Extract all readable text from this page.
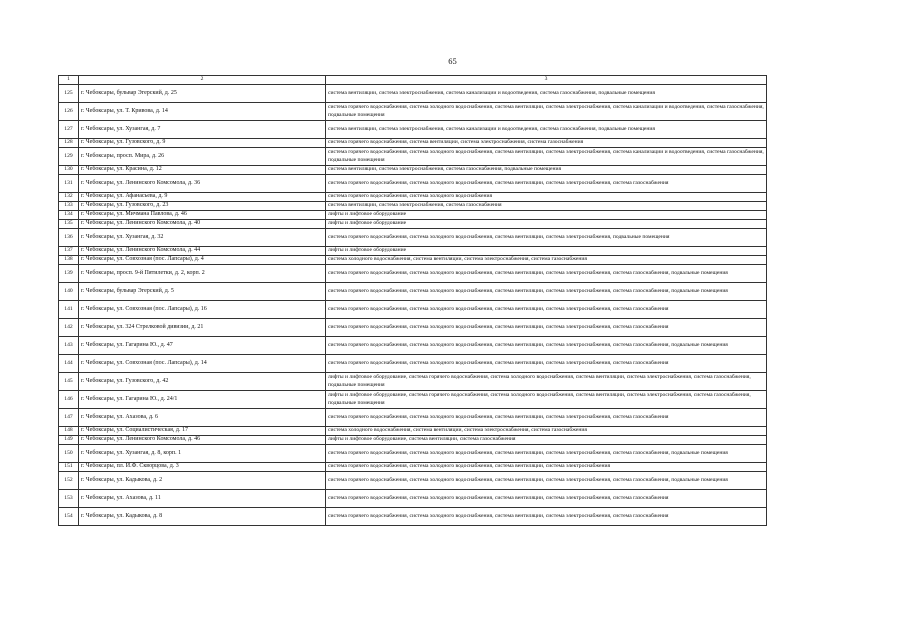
65
1	2	3
125	г. Чебоксары, бульвар Эгерский, д. 25	система вентиляции, система электроснабжения, система канализации и водоотведения, система газоснабжения, подвальные помещения
126	г. Чебоксары, ул. Т. Кривова, д. 14	система горячего водоснабжения, система холодного водоснабжения, система вентиляции, система электроснабжения, система канализации и водоотведения, система газоснабжения, подвальные помещения
127	г. Чебоксары, ул. Хузангая, д. 7	система вентиляции, система электроснабжения, система канализации и водоотведения, система газоснабжения, подвальные помещения
128	г. Чебоксары, ул. Гузовского, д. 9	система горячего водоснабжения, система вентиляции, система электроснабжения, система газоснабжения
129	г. Чебоксары, просп. Мира, д. 26	система горячего водоснабжения, система холодного водоснабжения, система вентиляции, система электроснабжения, система канализации и водоотведения, система газоснабжения, подвальные помещения
130	г. Чебоксары, ул. Красина, д. 12	система вентиляции, система электроснабжения, система газоснабжения, подвальные помещения
131	г. Чебоксары, ул. Ленинского Комсомола, д. 36	система горячего водоснабжения, система холодного водоснабжения, система вентиляции, система электроснабжения, система газоснабжения
132	г. Чебоксары, ул. Афанасьева, д. 9	система горячего водоснабжения, система холодного водоснабжения
133	г. Чебоксары, ул. Гузовского, д. 23	система вентиляции, система электроснабжения, система газоснабжения
134	г. Чебоксары, ул. Мичмана Павлова, д. 46	лифты и лифтовое оборудование
135	г. Чебоксары, ул. Ленинского Комсомола, д. 40	лифты и лифтовое оборудование
136	г. Чебоксары, ул. Хузангая, д. 32	система горячего водоснабжения, система холодного водоснабжения, система вентиляции, система электроснабжения, подвальные помещения
137	г. Чебоксары, ул. Ленинского Комсомола, д. 44	лифты и лифтовое оборудование
138	г. Чебоксары, ул. Совхозная (пос. Лапсары), д. 4	система холодного водоснабжения, система вентиляции, система электроснабжения, система газоснабжения
139	г. Чебоксары, просп. 9-й Пятилетки, д. 2, корп. 2	система горячего водоснабжения, система холодного водоснабжения, система вентиляции, система электроснабжения, система газоснабжения, подвальные помещения
140	г. Чебоксары, бульвар Эгерский, д. 5	система горячего водоснабжения, система холодного водоснабжения, система вентиляции, система электроснабжения, система газоснабжения, подвальные помещения
141	г. Чебоксары, ул. Совхозная (пос. Лапсары), д. 16	система горячего водоснабжения, система холодного водоснабжения, система вентиляции, система электроснабжения, система газоснабжения
142	г. Чебоксары, ул. 324 Стрелковой дивизии, д. 21	система горячего водоснабжения, система холодного водоснабжения, система вентиляции, система электроснабжения, система газоснабжения
143	г. Чебоксары, ул. Гагарина Ю., д. 47	система горячего водоснабжения, система холодного водоснабжения, система вентиляции, система электроснабжения, система газоснабжения, подвальные помещения
144	г. Чебоксары, ул. Совхозная (пос. Лапсары), д. 14	система горячего водоснабжения, система холодного водоснабжения, система вентиляции, система электроснабжения, система газоснабжения
145	г. Чебоксары, ул. Гузовского, д. 42	лифты и лифтовое оборудование, система горячего водоснабжения, система холодного водоснабжения, система вентиляции, система электроснабжения, система газоснабжения, подвальные помещения
146	г. Чебоксары, ул. Гагарина Ю., д. 24/1	лифты и лифтовое оборудование, система горячего водоснабжения, система холодного водоснабжения, система вентиляции, система электроснабжения, система газоснабжения, подвальные помещения
147	г. Чебоксары, ул. Ахазова, д. 6	система горячего водоснабжения, система холодного водоснабжения, система вентиляции, система электроснабжения, система газоснабжения
148	г. Чебоксары, ул. Социалистическая, д. 17	система холодного водоснабжения, система вентиляции, система электроснабжения, система газоснабжения
149	г. Чебоксары, ул. Ленинского Комсомола, д. 46	лифты и лифтовое оборудование, система вентиляции, система газоснабжения
150	г. Чебоксары, ул. Хузангая, д. 8, корп. 1	система горячего водоснабжения, система холодного водоснабжения, система вентиляции, система электроснабжения, система газоснабжения, подвальные помещения
151	г. Чебоксары, пл. И.Ф. Скворцова, д. 3	система горячего водоснабжения, система холодного водоснабжения, система вентиляции, система электроснабжения
152	г. Чебоксары, ул. Кадыкова, д. 2	система горячего водоснабжения, система холодного водоснабжения, система вентиляции, система электроснабжения, система газоснабжения, подвальные помещения
153	г. Чебоксары, ул. Ахазова, д. 11	система горячего водоснабжения, система холодного водоснабжения, система вентиляции, система электроснабжения, система газоснабжения
154	г. Чебоксары, ул. Кадыкова, д. 8	система горячего водоснабжения, система холодного водоснабжения, система вентиляции, система электроснабжения, система газоснабжения
